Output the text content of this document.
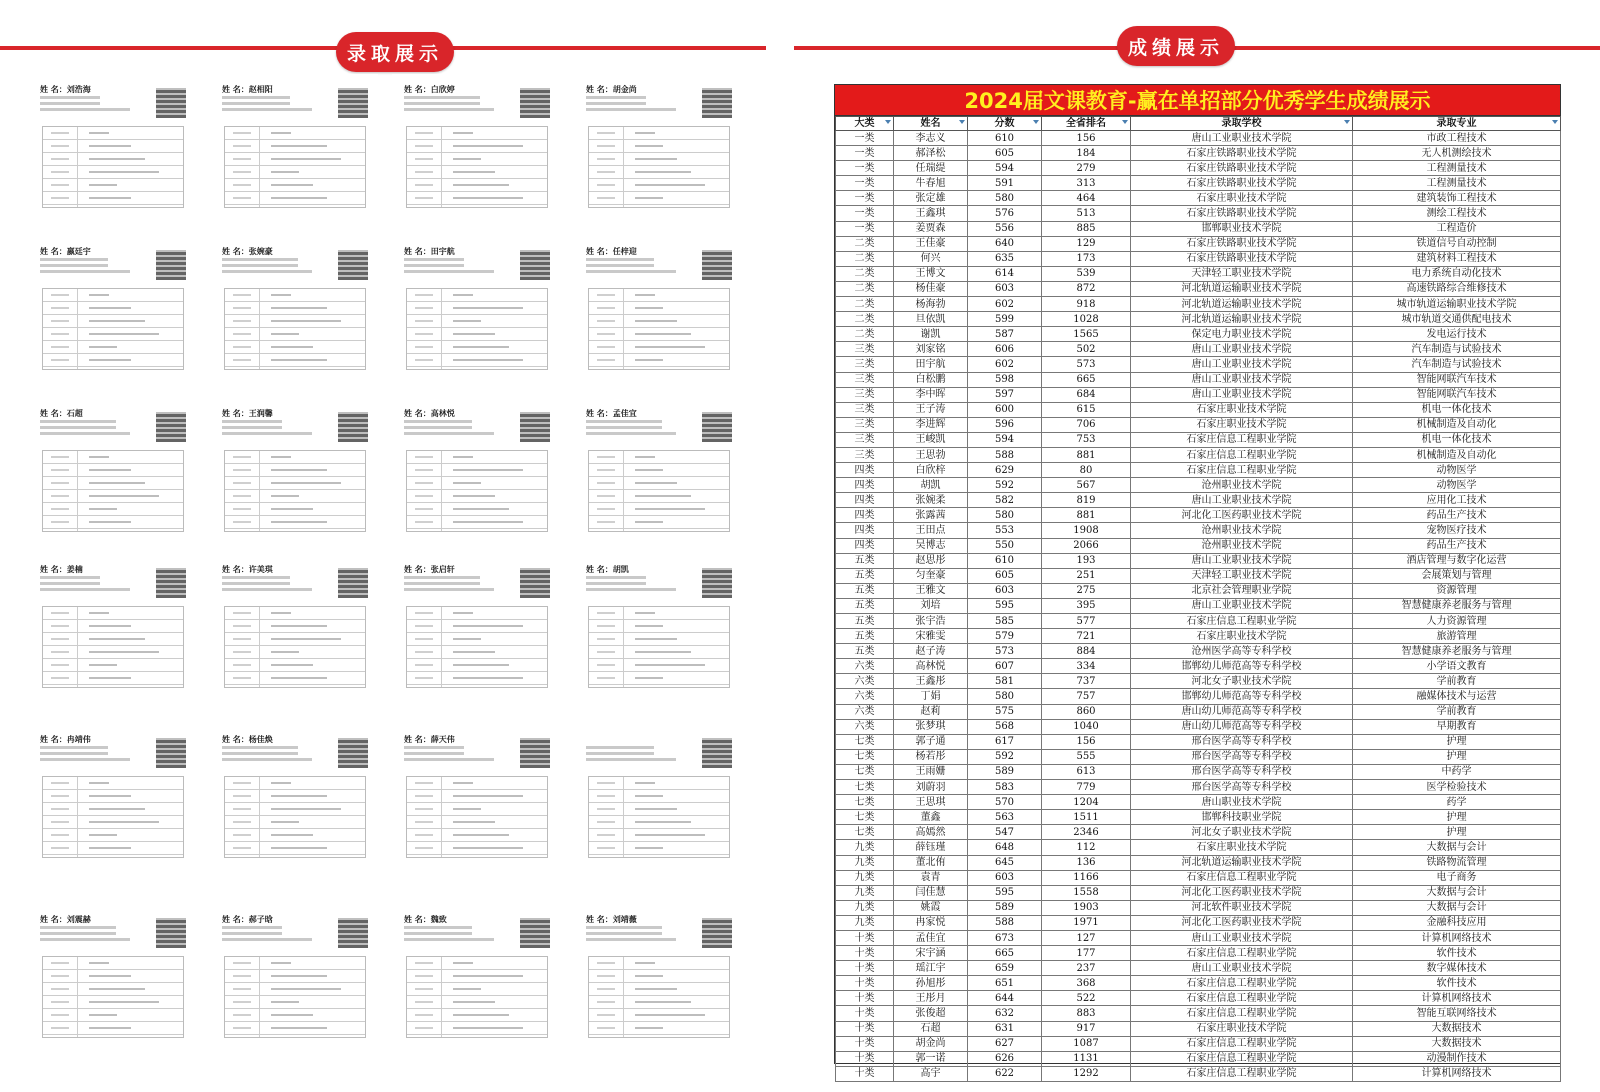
录取展示	成绩展示
姓 名：刘浩海	姓 名：赵相阳	姓 名：白欣婷	姓 名：胡金尚
姓 名：嬴廷宇	姓 名：张婉豪	姓 名：田宇航	姓 名：任梓迎
姓 名：石超	姓 名：王润馨	姓 名：高林悦	姓 名：孟佳宜
姓 名：姜楠	姓 名：许美琪	姓 名：张启轩	姓 名：胡凯
姓 名：冉靖伟	姓 名：杨佳焕	姓 名：薛天伟
姓 名：刘震赫	姓 名：郝子晗	姓 名：魏致	姓 名：刘靖薇
2024届文课教育-赢在单招部分优秀学生成绩展示
大类	姓名	分数	全省排名	录取学校	录取专业

一类	李志义	610	156	唐山工业职业技术学院	市政工程技术
一类	郝泽松	605	184	石家庄铁路职业技术学院	无人机测绘技术
一类	任瑞缇	594	279	石家庄铁路职业技术学院	工程测量技术
一类	牛春旭	591	313	石家庄铁路职业技术学院	工程测量技术
一类	张定雄	580	464	石家庄职业技术学院	建筑装饰工程技术
一类	王鑫琪	576	513	石家庄铁路职业技术学院	测绘工程技术
一类	姜贾森	556	885	邯郸职业技术学院	工程造价
二类	王佳豪	640	129	石家庄铁路职业技术学院	铁道信号自动控制
二类	何兴	635	173	石家庄铁路职业技术学院	建筑材料工程技术
二类	王博文	614	539	天津轻工职业技术学院	电力系统自动化技术
二类	杨佳豪	603	872	河北轨道运输职业技术学院	高速铁路综合维修技术
二类	杨海勃	602	918	河北轨道运输职业技术学院	城市轨道运输职业技术学院
二类	旦依凯	599	1028	河北轨道运输职业技术学院	城市轨道交通供配电技术
二类	谢凯	587	1565	保定电力职业技术学院	发电运行技术
三类	刘家铭	606	502	唐山工业职业技术学院	汽车制造与试验技术
三类	田宇航	602	573	唐山工业职业技术学院	汽车制造与试验技术
三类	白松鹏	598	665	唐山工业职业技术学院	智能网联汽车技术
三类	李中晖	597	684	唐山工业职业技术学院	智能网联汽车技术
三类	王子涛	600	615	石家庄职业技术学院	机电一体化技术
三类	李进辉	596	706	石家庄职业技术学院	机械制造及自动化
三类	王峻凯	594	753	石家庄信息工程职业学院	机电一体化技术
三类	王思勃	588	881	石家庄信息工程职业学院	机械制造及自动化
四类	白欣梓	629	80	石家庄信息工程职业学院	动物医学
四类	胡凯	592	567	沧州职业技术学院	动物医学
四类	张婉柔	582	819	唐山工业职业技术学院	应用化工技术
四类	张露茜	580	881	河北化工医药职业技术学院	药品生产技术
四类	王田点	553	1908	沧州职业技术学院	宠物医疗技术
四类	吴博志	550	2066	沧州职业技术学院	药品生产技术
五类	赵思彤	610	193	唐山工业职业技术学院	酒店管理与数字化运营
五类	匀奎豪	605	251	天津轻工职业技术学院	会展策划与管理
五类	王雅文	603	275	北京社会管理职业学院	资源管理
五类	刘培	595	395	唐山工业职业技术学院	智慧健康养老服务与管理
五类	张宇浩	585	577	石家庄信息工程职业学院	人力资源管理
五类	宋雅雯	579	721	石家庄职业技术学院	旅游管理
五类	赵子涛	573	884	沧州医学高等专科学校	智慧健康养老服务与管理
六类	高林悦	607	334	邯郸幼儿师范高等专科学校	小学语文教育
六类	王鑫彤	581	737	河北女子职业技术学院	学前教育
六类	丁娟	580	757	邯郸幼儿师范高等专科学校	融媒体技术与运营
六类	赵莉	575	860	唐山幼儿师范高等专科学校	学前教育
六类	张梦琪	568	1040	唐山幼儿师范高等专科学校	早期教育
七类	郭子通	617	156	邢台医学高等专科学校	护理
七类	杨若彤	592	555	邢台医学高等专科学校	护理
七类	王雨姗	589	613	邢台医学高等专科学校	中药学
七类	刘蔚羽	583	779	邢台医学高等专科学校	医学检验技术
七类	王思琪	570	1204	唐山职业技术学院	药学
七类	董鑫	563	1511	邯郸科技职业学院	护理
七类	高嫣然	547	2346	河北女子职业技术学院	护理
九类	薛钰瑾	648	112	石家庄职业技术学院	大数据与会计
九类	董北侑	645	136	河北轨道运输职业技术学院	铁路物流管理
九类	袁青	603	1166	石家庄信息工程职业学院	电子商务
九类	闫佳慧	595	1558	河北化工医药职业技术学院	大数据与会计
九类	姚霞	589	1903	河北软件职业技术学院	大数据与会计
九类	冉家悦	588	1971	河北化工医药职业技术学院	金融科技应用
十类	孟佳宜	673	127	唐山工业职业技术学院	计算机网络技术
十类	宋宇涵	665	177	石家庄信息工程职业学院	软件技术
十类	瑶江宇	659	237	唐山工业职业技术学院	数字媒体技术
十类	孙旭彤	651	368	石家庄信息工程职业学院	软件技术
十类	王彤月	644	522	石家庄信息工程职业学院	计算机网络技术
十类	张俊超	632	883	石家庄信息工程职业学院	智能互联网络技术
十类	石超	631	917	石家庄职业技术学院	大数据技术
十类	胡金尚	627	1087	石家庄信息工程职业学院	大数据技术
十类	郭一诺	626	1131	石家庄信息工程职业学院	动漫制作技术
十类	高宇	622	1292	石家庄信息工程职业学院	计算机网络技术
